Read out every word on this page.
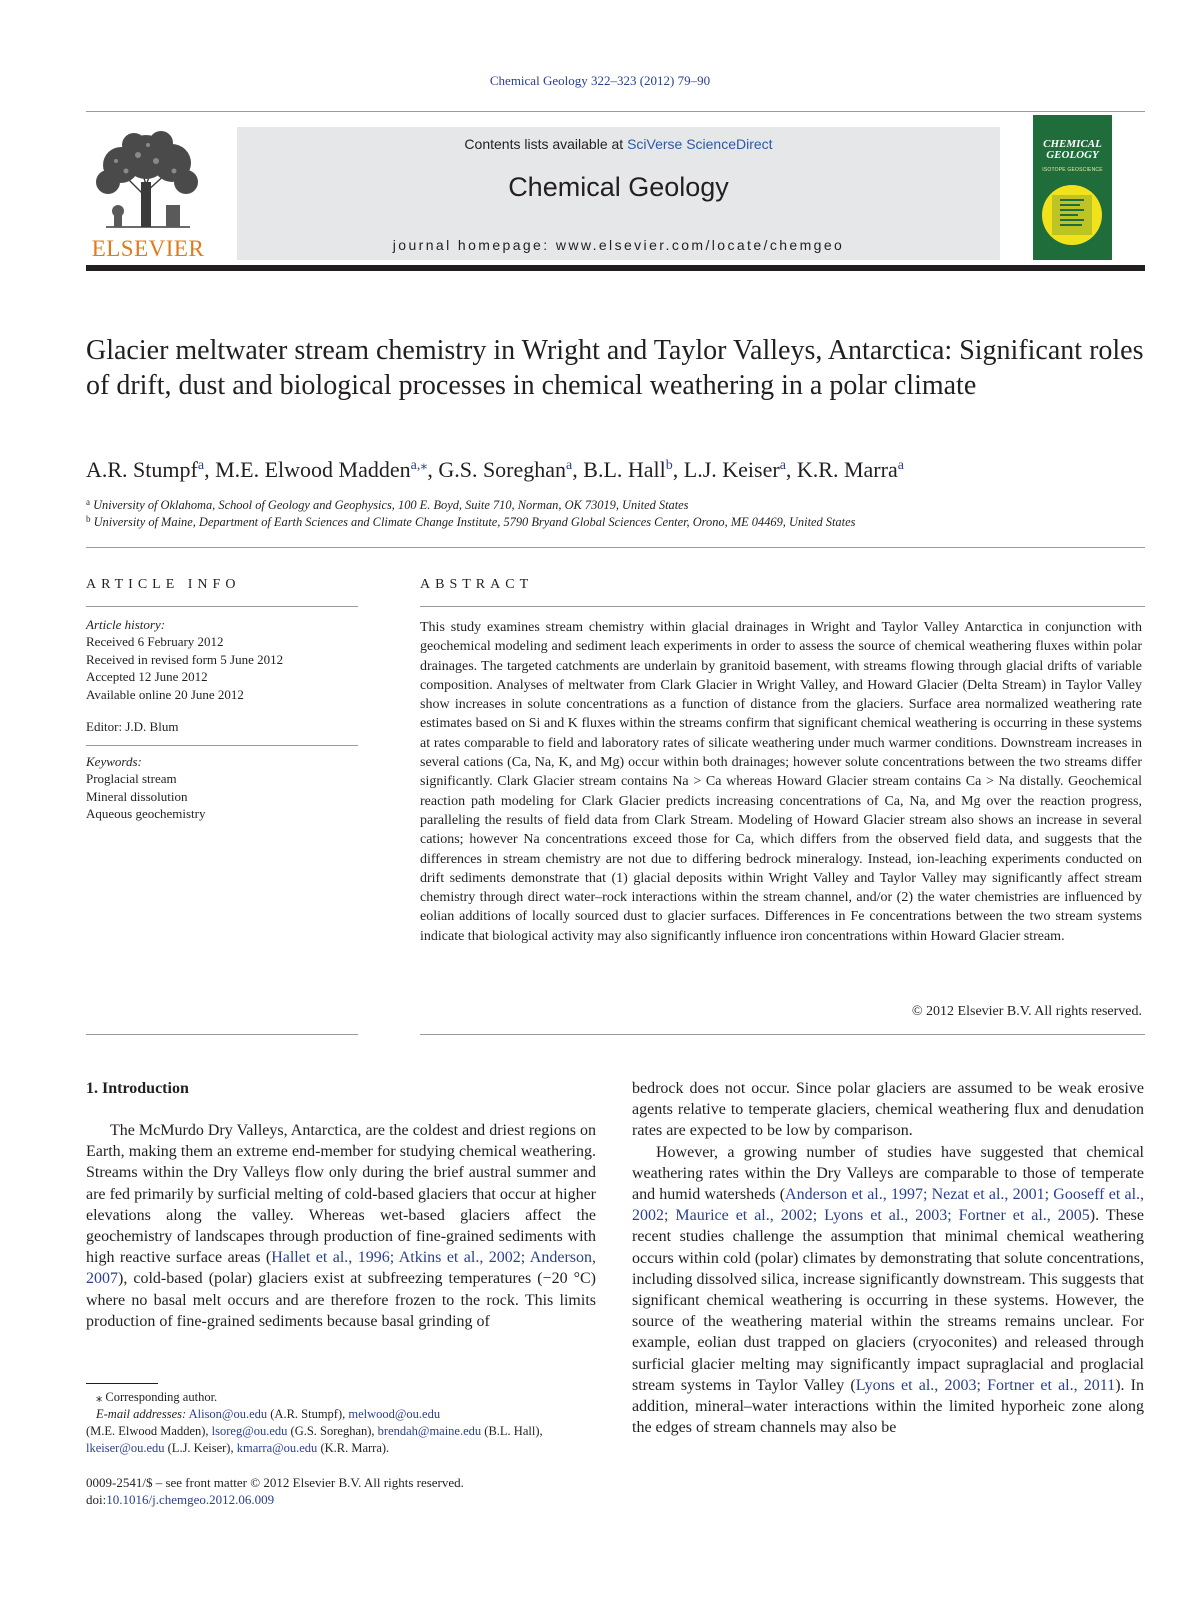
Chemical Geology 322–323 (2012) 79–90
ELSEVIER
Contents lists available at SciVerse ScienceDirect
Chemical Geology
journal homepage: www.elsevier.com/locate/chemgeo
CHEMICAL
GEOLOGY
ISOTOPE GEOSCIENCE
Glacier meltwater stream chemistry in Wright and Taylor Valleys, Antarctica: Significant roles of drift, dust and biological processes in chemical weathering in a polar climate
A.R. Stumpf$^a$, M.E. Elwood Madden$^{a,⁎}$, G.S. Soreghan$^a$, B.L. Hall$^b$, L.J. Keiser$^a$, K.R. Marra$^a$
$^a$ University of Oklahoma, School of Geology and Geophysics, 100 E. Boyd, Suite 710, Norman, OK 73019, United States
$^b$ University of Maine, Department of Earth Sciences and Climate Change Institute, 5790 Bryand Global Sciences Center, Orono, ME 04469, United States
ARTICLE INFO
Article history:
Received 6 February 2012
Received in revised form 5 June 2012
Accepted 12 June 2012
Available online 20 June 2012
Editor: J.D. Blum
Keywords:
Proglacial stream
Mineral dissolution
Aqueous geochemistry
ABSTRACT
This study examines stream chemistry within glacial drainages in Wright and Taylor Valley Antarctica in conjunction with geochemical modeling and sediment leach experiments in order to assess the source of chemical weathering fluxes within polar drainages. The targeted catchments are underlain by granitoid basement, with streams flowing through glacial drifts of variable composition. Analyses of meltwater from Clark Glacier in Wright Valley, and Howard Glacier (Delta Stream) in Taylor Valley show increases in solute concentrations as a function of distance from the glaciers. Surface area normalized weathering rate estimates based on Si and K fluxes within the streams confirm that significant chemical weathering is occurring in these systems at rates comparable to field and laboratory rates of silicate weathering under much warmer conditions. Downstream increases in several cations (Ca, Na, K, and Mg) occur within both drainages; however solute concentrations between the two streams differ significantly. Clark Glacier stream contains Na > Ca whereas Howard Glacier stream contains Ca > Na distally. Geochemical reaction path modeling for Clark Glacier predicts increasing concentrations of Ca, Na, and Mg over the reaction progress, paralleling the results of field data from Clark Stream. Modeling of Howard Glacier stream also shows an increase in several cations; however Na concentrations exceed those for Ca, which differs from the observed field data, and suggests that the differences in stream chemistry are not due to differing bedrock mineralogy. Instead, ion-leaching experiments conducted on drift sediments demonstrate that (1) glacial deposits within Wright Valley and Taylor Valley may significantly affect stream chemistry through direct water–rock interactions within the stream channel, and/or (2) the water chemistries are influenced by eolian additions of locally sourced dust to glacier surfaces. Differences in Fe concentrations between the two stream systems indicate that biological activity may also significantly influence iron concentrations within Howard Glacier stream.
© 2012 Elsevier B.V. All rights reserved.
1. Introduction

The McMurdo Dry Valleys, Antarctica, are the coldest and driest regions on Earth, making them an extreme end-member for studying chemical weathering. Streams within the Dry Valleys flow only during the brief austral summer and are fed primarily by surficial melting of cold-based glaciers that occur at higher elevations along the valley. Whereas wet-based glaciers affect the geochemistry of landscapes through production of fine-grained sediments with high reactive surface areas (Hallet et al., 1996; Atkins et al., 2002; Anderson, 2007), cold-based (polar) glaciers exist at subfreezing temperatures (−20 °C) where no basal melt occurs and are therefore frozen to the rock. This limits production of fine-grained sediments because basal grinding of

bedrock does not occur. Since polar glaciers are assumed to be weak erosive agents relative to temperate glaciers, chemical weathering flux and denudation rates are expected to be low by comparison.

However, a growing number of studies have suggested that chemical weathering rates within the Dry Valleys are comparable to those of temperate and humid watersheds (Anderson et al., 1997; Nezat et al., 2001; Gooseff et al., 2002; Maurice et al., 2002; Lyons et al., 2003; Fortner et al., 2005). These recent studies challenge the assumption that minimal chemical weathering occurs within cold (polar) climates by demonstrating that solute concentrations, including dissolved silica, increase significantly downstream. This suggests that significant chemical weathering is occurring in these systems. However, the source of the weathering material within the streams remains unclear. For example, eolian dust trapped on glaciers (cryoconites) and released through surficial glacier melting may significantly impact supraglacial and proglacial stream systems in Taylor Valley (Lyons et al., 2003; Fortner et al., 2011). In addition, mineral–water interactions within the limited hyporheic zone along the edges of stream channels may also be

⁎ Corresponding author.
E-mail addresses: Alison@ou.edu (A.R. Stumpf), melwood@ou.edu
(M.E. Elwood Madden), lsoreg@ou.edu (G.S. Soreghan), brendah@maine.edu (B.L. Hall), lkeiser@ou.edu (L.J. Keiser), kmarra@ou.edu (K.R. Marra).
0009-2541/$ – see front matter © 2012 Elsevier B.V. All rights reserved.
doi:10.1016/j.chemgeo.2012.06.009
